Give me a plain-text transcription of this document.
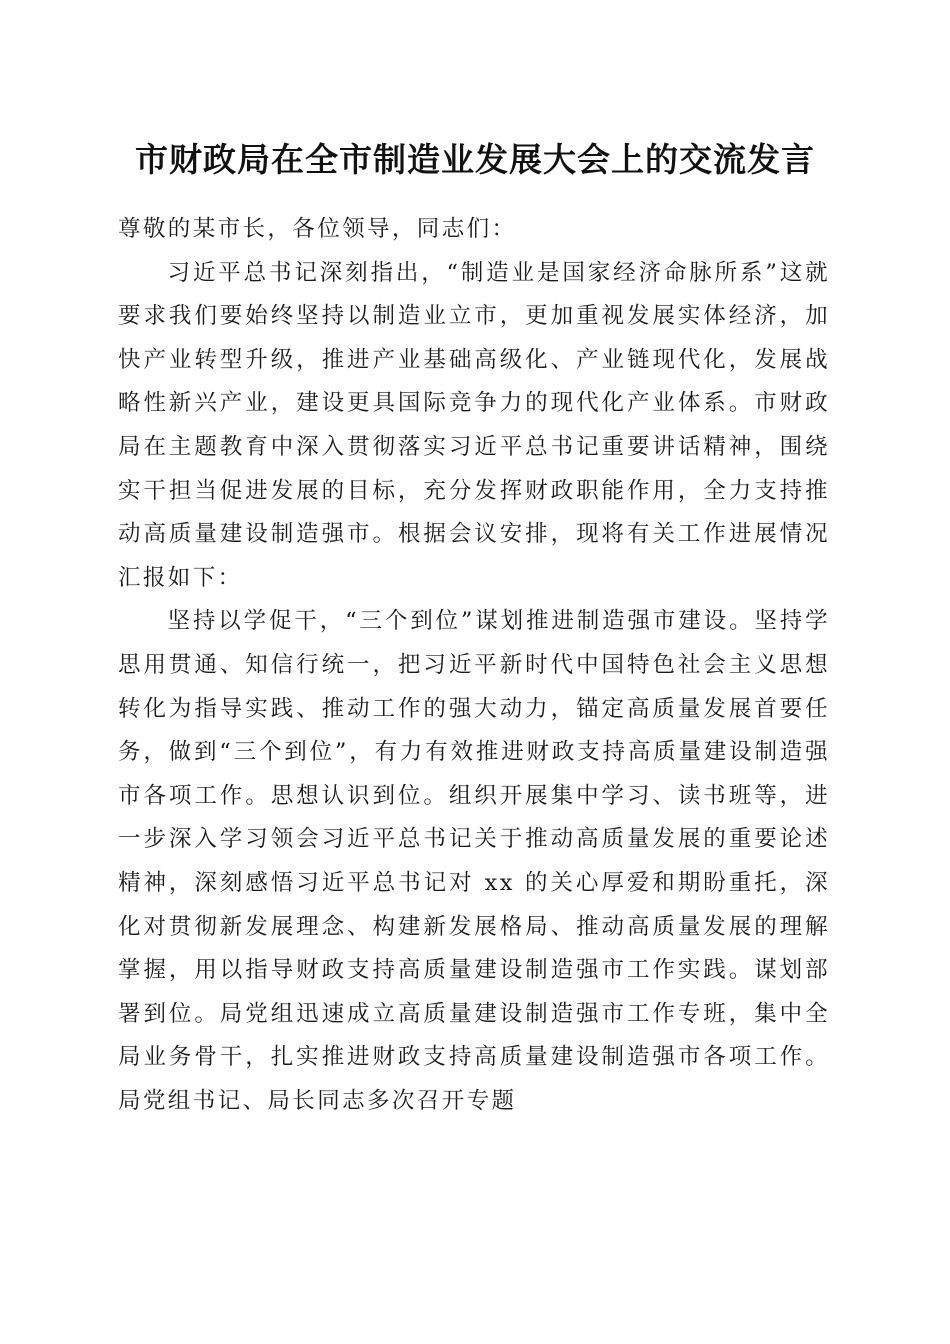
市财政局在全市制造业发展大会上的交流发言

尊敬的某市长，各位领导，同志们：

习近平总书记深刻指出，“制造业是国家经济命脉所系”这就要求我们要始终坚持以制造业立市，更加重视发展实体经济，加快产业转型升级，推进产业基础高级化、产业链现代化，发展战略性新兴产业，建设更具国际竞争力的现代化产业体系。市财政局在主题教育中深入贯彻落实习近平总书记重要讲话精神，围绕实干担当促进发展的目标，充分发挥财政职能作用，全力支持推动高质量建设制造强市。根据会议安排，现将有关工作进展情况汇报如下：

坚持以学促干，“三个到位”谋划推进制造强市建设。坚持学思用贯通、知信行统一，把习近平新时代中国特色社会主义思想转化为指导实践、推动工作的强大动力，锚定高质量发展首要任务，做到“三个到位”，有力有效推进财政支持高质量建设制造强市各项工作。思想认识到位。组织开展集中学习、读书班等，进一步深入学习领会习近平总书记关于推动高质量发展的重要论述精神，深刻感悟习近平总书记对 xx 的关心厚爱和期盼重托，深化对贯彻新发展理念、构建新发展格局、推动高质量发展的理解掌握，用以指导财政支持高质量建设制造强市工作实践。谋划部署到位。局党组迅速成立高质量建设制造强市工作专班，集中全局业务骨干，扎实推进财政支持高质量建设制造强市各项工作。局党组书记、局长同志多次召开专题
